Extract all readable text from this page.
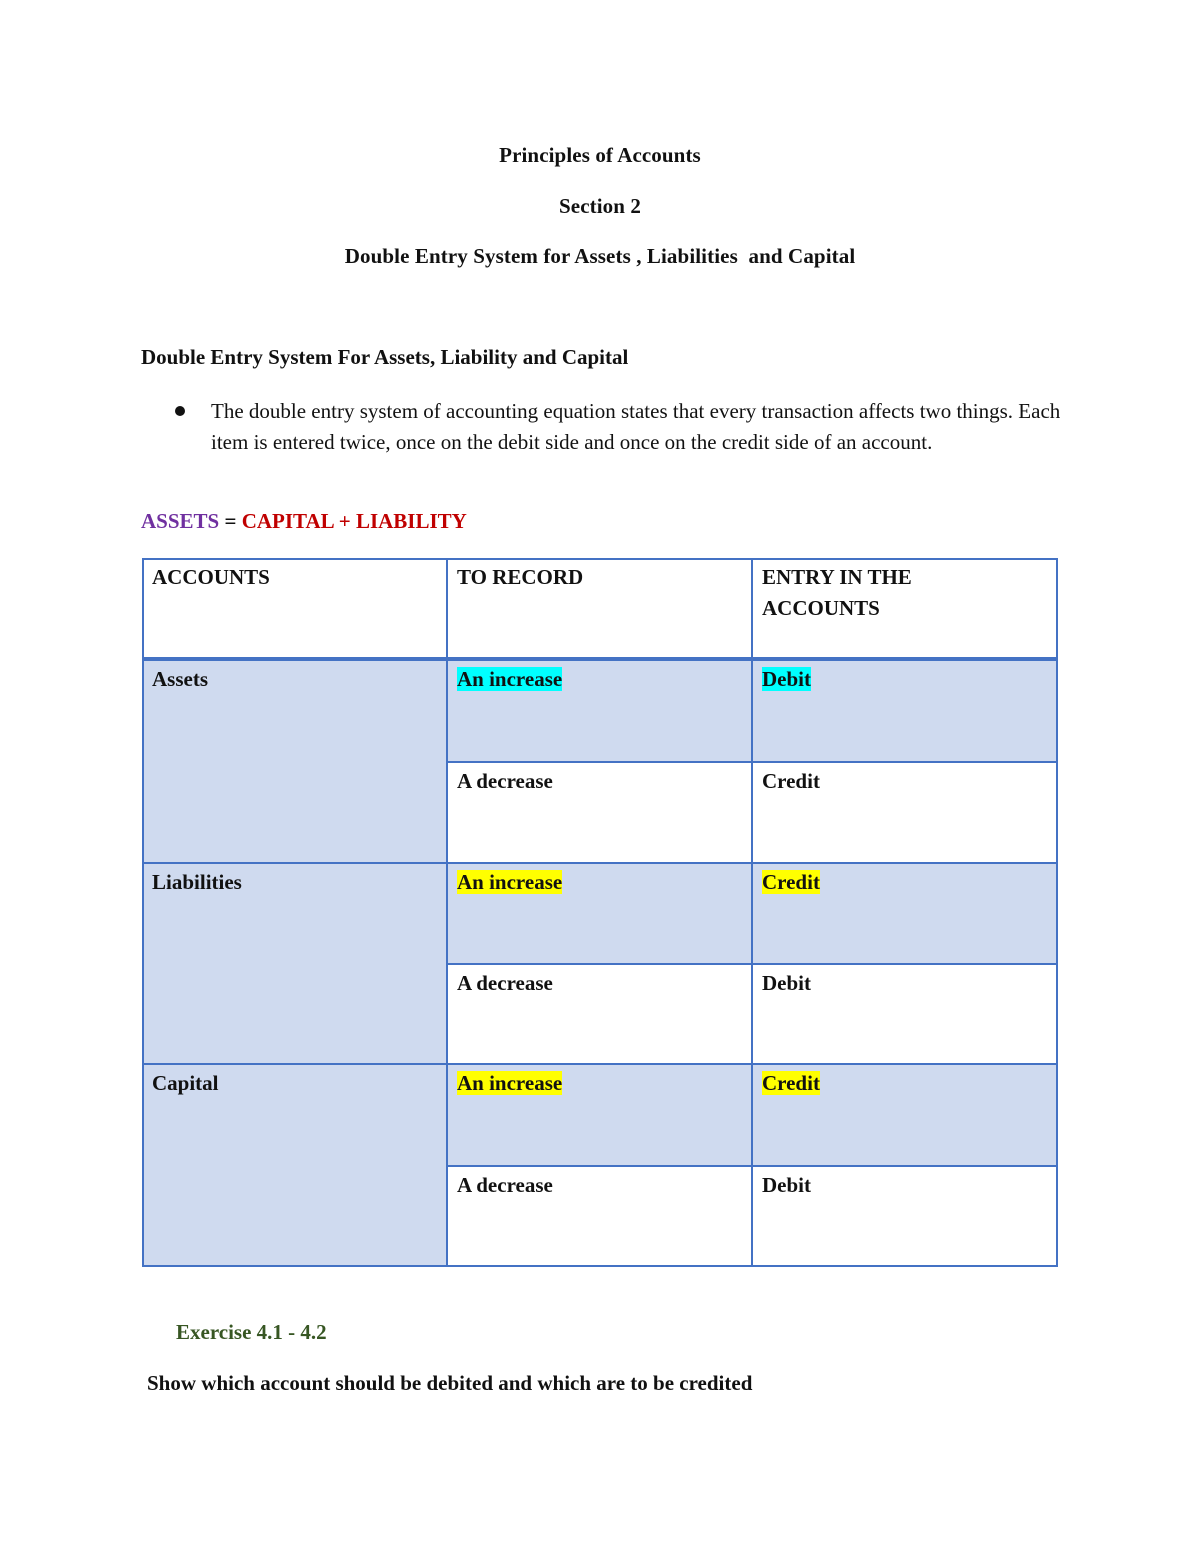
Principles of Accounts
Section 2
Double Entry System for Assets , Liabilities  and Capital
Double Entry System For Assets, Liability and Capital
The double entry system of accounting equation states that every transaction affects two things. Each item is entered twice, once on the debit side and once on the credit side of an account.
ASSETS = CAPITAL + LIABILITY
ACCOUNTS	TO RECORD	ENTRY IN THE ACCOUNTS
Assets	An increase	Debit
A decrease	Credit
Liabilities	An increase	Credit
A decrease	Debit
Capital	An increase	Credit
A decrease	Debit
Exercise 4.1 - 4.2
Show which account should be debited and which are to be credited
